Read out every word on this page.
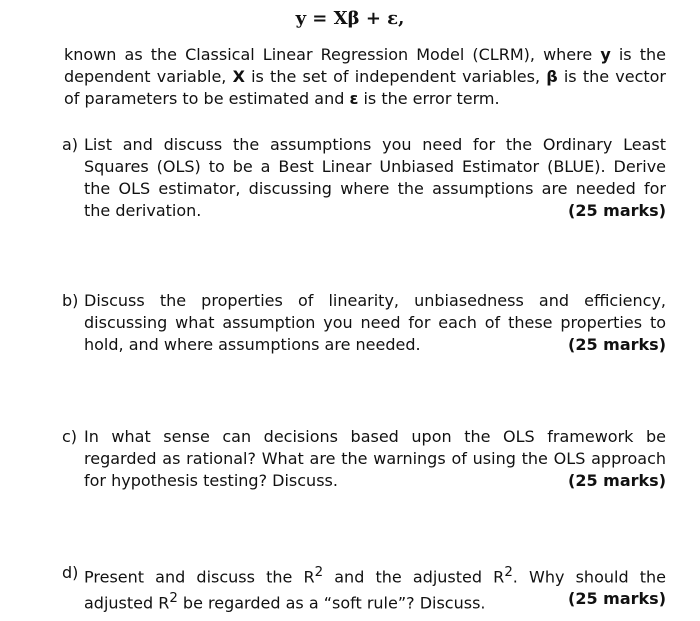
y = Xβ + ε,
known as the Classical Linear Regression Model (CLRM), where y is the dependent variable, X is the set of independent variables, β is the vector of parameters to be estimated and ε is the error term.
a) List and discuss the assumptions you need for the Ordinary Least Squares (OLS) to be a Best Linear Unbiased Estimator (BLUE). Derive the OLS estimator, discussing where the assumptions are needed for the derivation.	(25 marks)
b) Discuss the properties of linearity, unbiasedness and efficiency, discussing what assumption you need for each of these properties to hold, and where assumptions are needed.	(25 marks)
c) In what sense can decisions based upon the OLS framework be regarded as rational? What are the warnings of using the OLS approach for hypothesis testing? Discuss.	(25 marks)
d) Present and discuss the $R^2$ and the adjusted $R^2$. Why should the adjusted $R^2$ be regarded as a “soft rule”? Discuss.	(25 marks)
